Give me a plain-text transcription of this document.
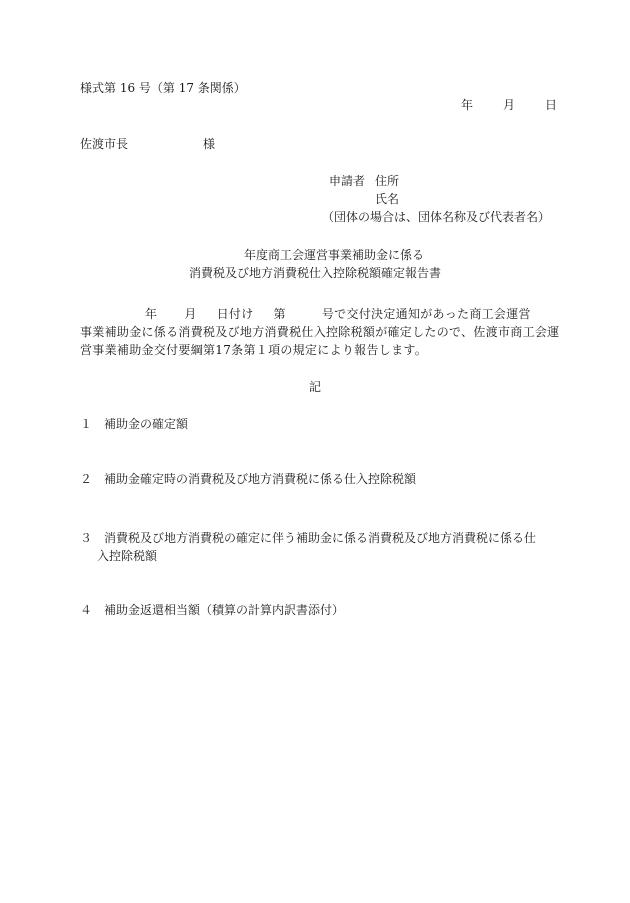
様式第 16 号（第 17 条関係）
年	月	日
佐渡市長	様
申請者 住所
氏名
（団体の場合は、団体名称及び代表者名）
年度商工会運営事業補助金に係る
消費税及び地方消費税仕入控除税額確定報告書
年 月 日付け 第	号で交付決定通知があった商工会運営
事業補助金に係る消費税及び地方消費税仕入控除税額が確定したので、佐渡市商工会運
営事業補助金交付要綱第17条第１項の規定により報告します。
記
１ 補助金の確定額
２ 補助金確定時の消費税及び地方消費税に係る仕入控除税額
３ 消費税及び地方消費税の確定に伴う補助金に係る消費税及び地方消費税に係る仕
入控除税額
４ 補助金返還相当額（積算の計算内訳書添付）
